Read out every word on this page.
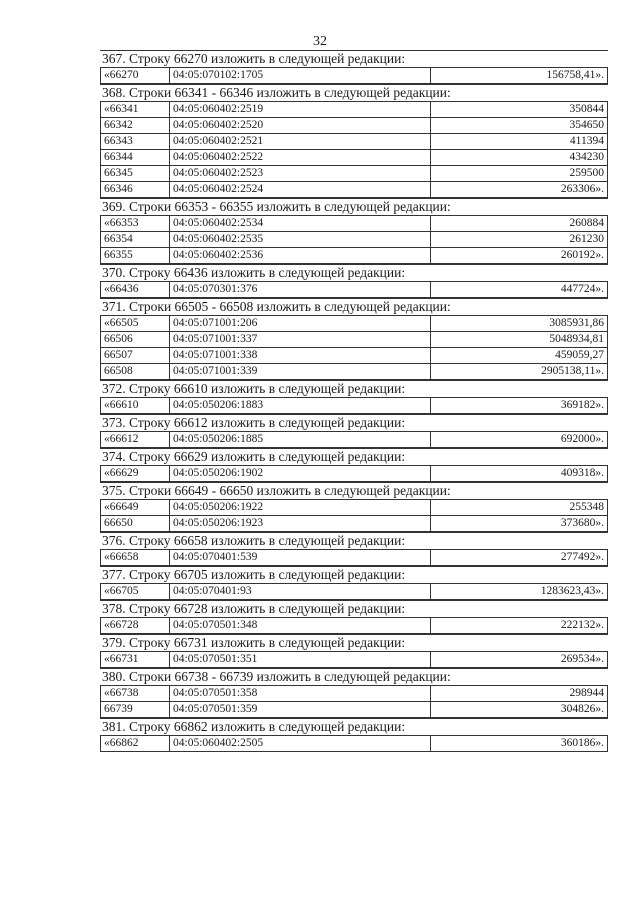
32
367. Строку 66270 изложить в следующей редакции:
«66270	04:05:070102:1705	156758,41».
368. Строки 66341 - 66346 изложить в следующей редакции:
«66341	04:05:060402:2519	350844
66342	04:05:060402:2520	354650
66343	04:05:060402:2521	411394
66344	04:05:060402:2522	434230
66345	04:05:060402:2523	259500
66346	04:05:060402:2524	263306».
369. Строки 66353 - 66355 изложить в следующей редакции:
«66353	04:05:060402:2534	260884
66354	04:05:060402:2535	261230
66355	04:05:060402:2536	260192».
370. Строку 66436 изложить в следующей редакции:
«66436	04:05:070301:376	447724».
371. Строки 66505 - 66508 изложить в следующей редакции:
«66505	04:05:071001:206	3085931,86
66506	04:05:071001:337	5048934,81
66507	04:05:071001:338	459059,27
66508	04:05:071001:339	2905138,11».
372. Строку 66610 изложить в следующей редакции:
«66610	04:05:050206:1883	369182».
373. Строку 66612 изложить в следующей редакции:
«66612	04:05:050206:1885	692000».
374. Строку 66629 изложить в следующей редакции:
«66629	04:05:050206:1902	409318».
375. Строки 66649 - 66650 изложить в следующей редакции:
«66649	04:05:050206:1922	255348
66650	04:05:050206:1923	373680».
376. Строку 66658 изложить в следующей редакции:
«66658	04:05:070401:539	277492».
377. Строку 66705 изложить в следующей редакции:
«66705	04:05:070401:93	1283623,43».
378. Строку 66728 изложить в следующей редакции:
«66728	04:05:070501:348	222132».
379. Строку 66731 изложить в следующей редакции:
«66731	04:05:070501:351	269534».
380. Строки 66738 - 66739 изложить в следующей редакции:
«66738	04:05:070501:358	298944
66739	04:05:070501:359	304826».
381. Строку 66862 изложить в следующей редакции:
«66862	04:05:060402:2505	360186».
